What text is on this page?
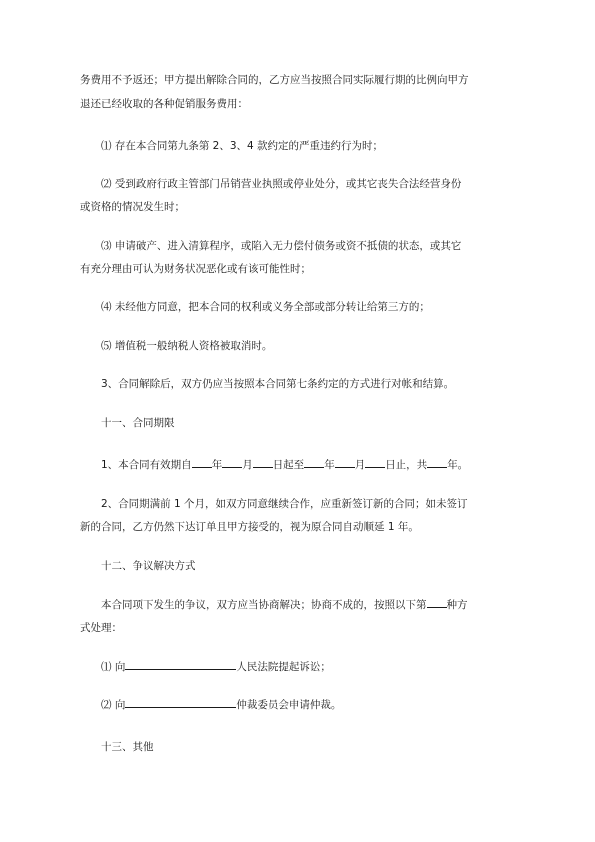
务费用不予返还；甲方提出解除合同的，乙方应当按照合同实际履行期的比例向甲方

退还已经收取的各种促销服务费用：

⑴ 存在本合同第九条第 2、3、4 款约定的严重违约行为时；

⑵ 受到政府行政主管部门吊销营业执照或停业处分，或其它丧失合法经营身份

或资格的情况发生时；

⑶ 申请破产、进入清算程序，或陷入无力偿付债务或资不抵债的状态，或其它

有充分理由可认为财务状况恶化或有该可能性时；

⑷ 未经他方同意，把本合同的权利或义务全部或部分转让给第三方的；

⑸ 增值税一般纳税人资格被取消时。

3、合同解除后，双方仍应当按照本合同第七条约定的方式进行对帐和结算。

十一、合同期限

1、本合同有效期自 年 月 日起至 年 月 日止，共 年。

2、合同期满前 1 个月，如双方同意继续合作，应重新签订新的合同；如未签订

新的合同，乙方仍然下达订单且甲方接受的，视为原合同自动顺延 1 年。

十二、争议解决方式

本合同项下发生的争议，双方应当协商解决；协商不成的，按照以下第 种方

式处理：

⑴ 向	人民法院提起诉讼；

⑵ 向	仲裁委员会申请仲裁。

十三、其他
